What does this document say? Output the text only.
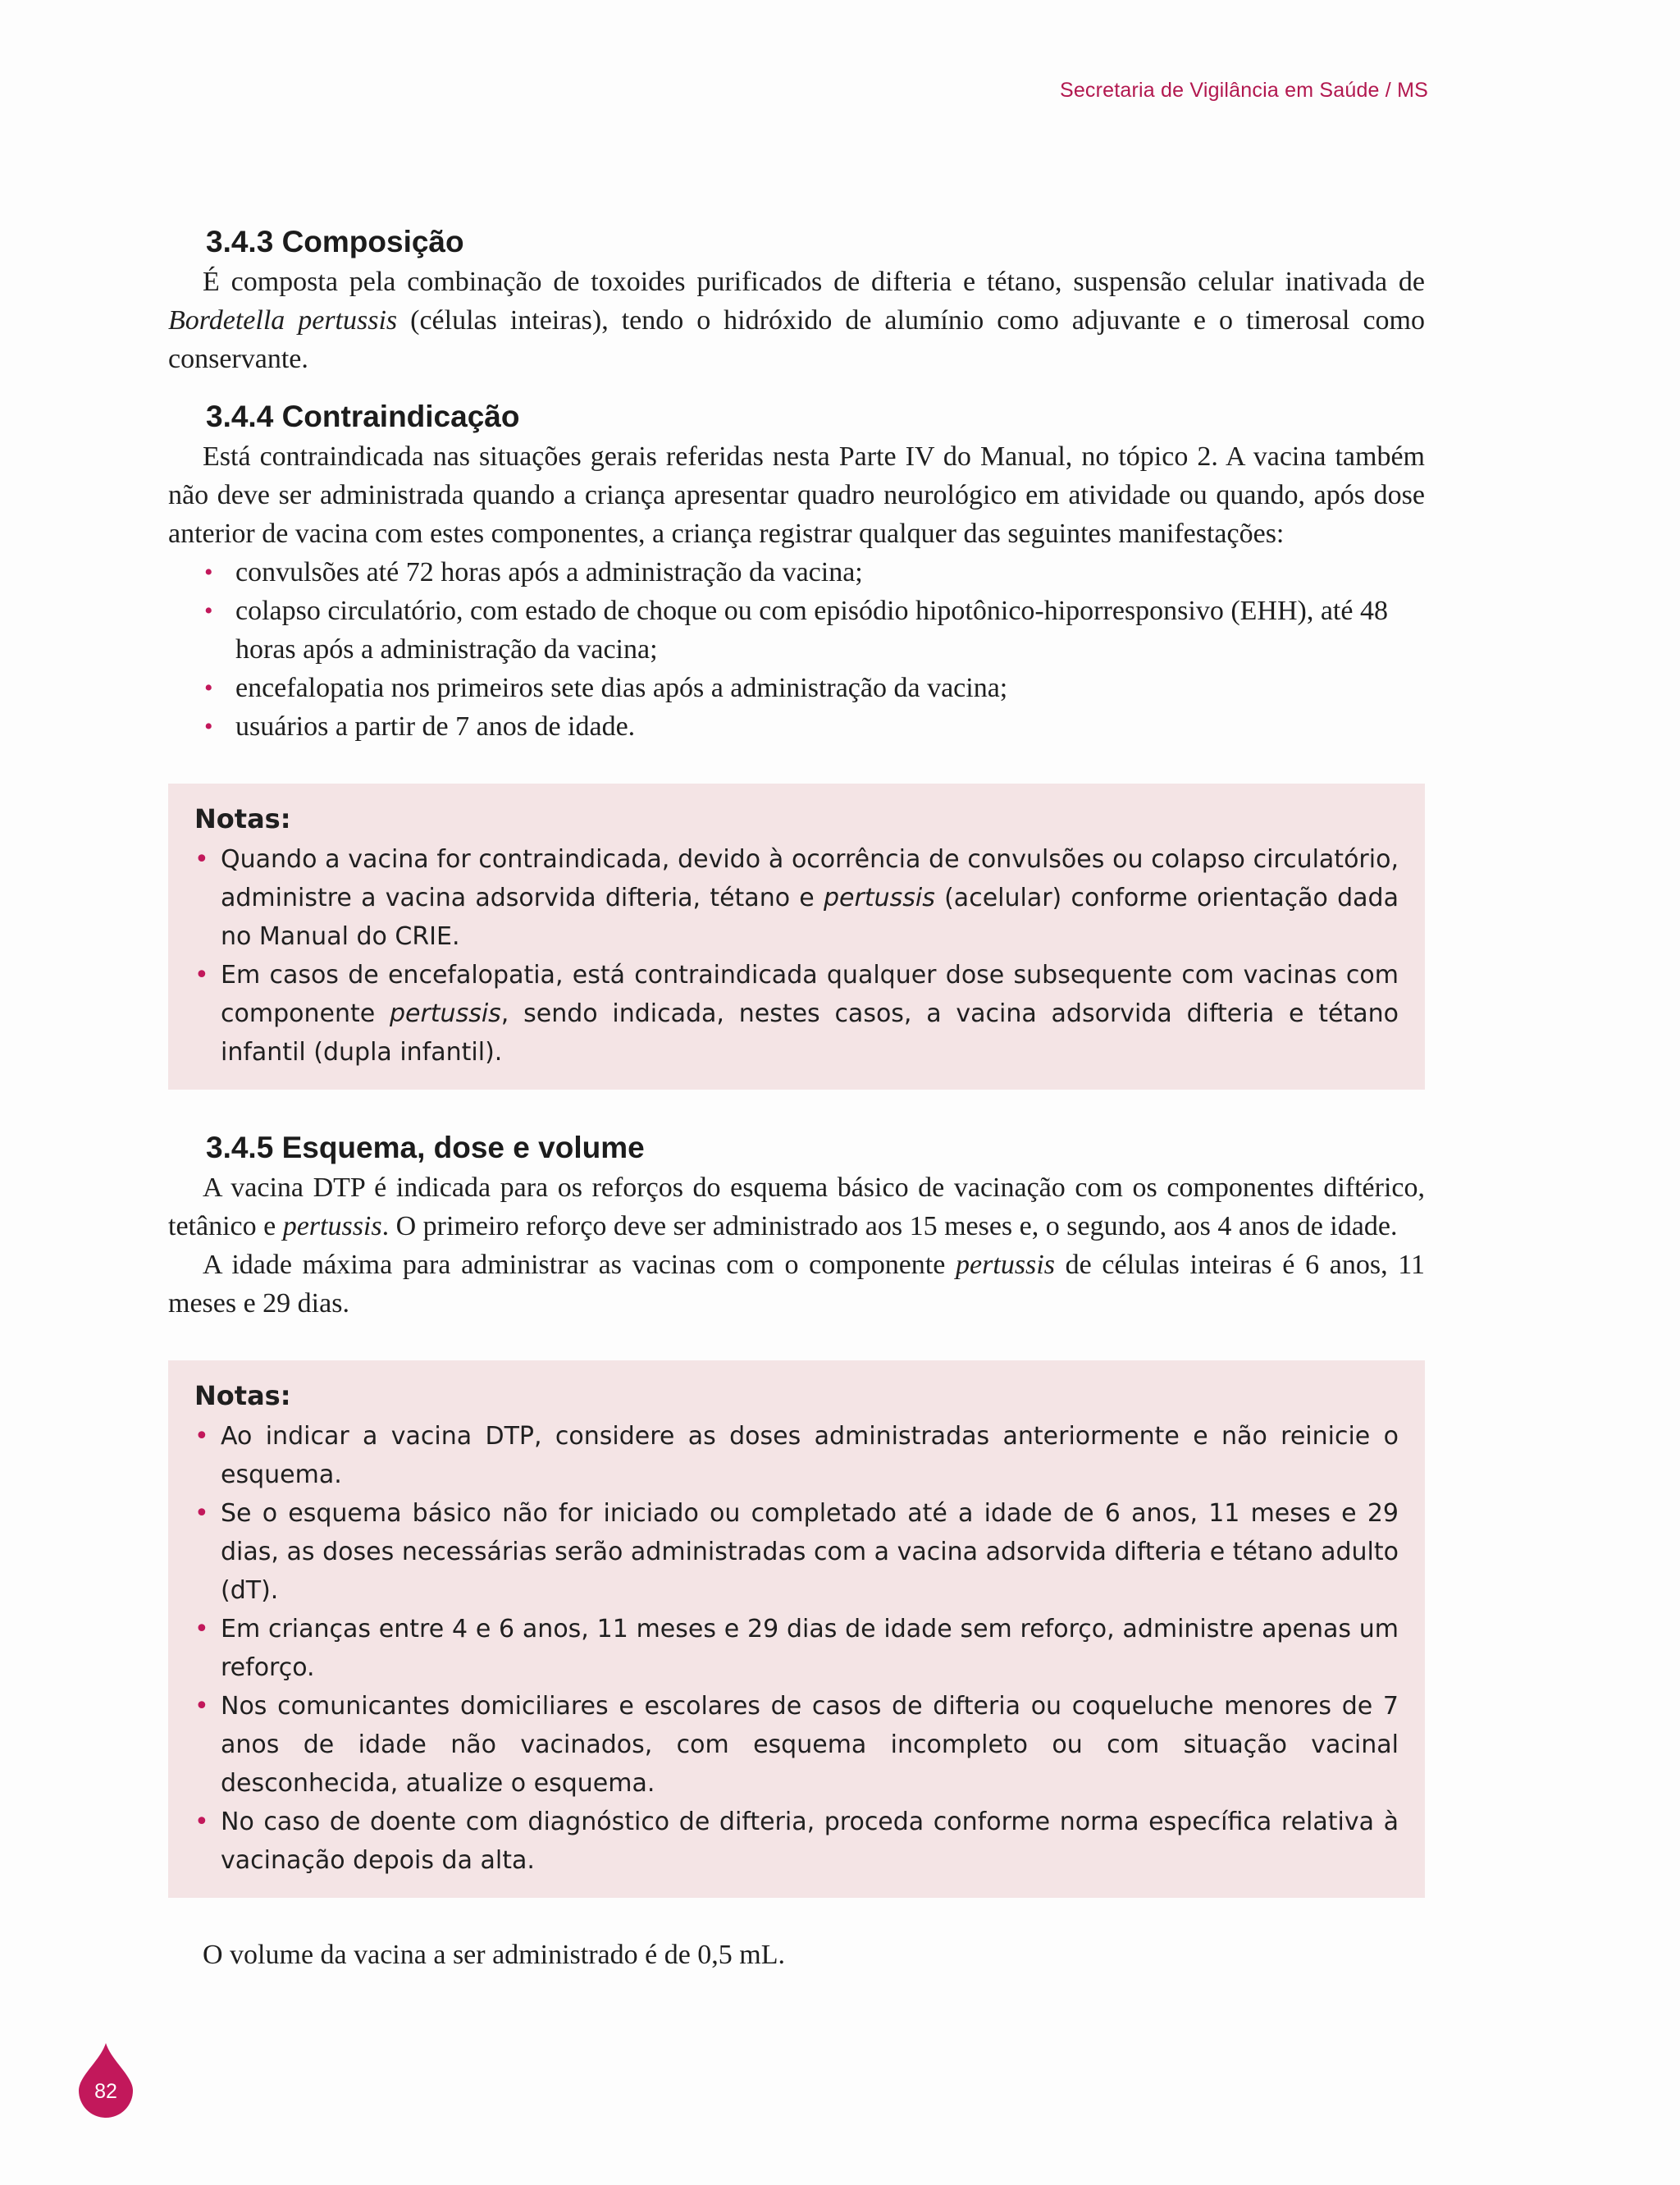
Secretaria de Vigilância em Saúde / MS
3.4.3 Composição

É composta pela combinação de toxoides purificados de difteria e tétano, suspensão celular inativada de Bordetella pertussis (células inteiras), tendo o hidróxido de alumínio como adjuvante e o timerosal como conservante.

3.4.4 Contraindicação

Está contraindicada nas situações gerais referidas nesta Parte IV do Manual, no tópico 2. A vacina também não deve ser administrada quando a criança apresentar quadro neurológico em atividade ou quando, após dose anterior de vacina com estes componentes, a criança registrar qualquer das seguintes manifestações:

• convulsões até 72 horas após a administração da vacina;
• colapso circulatório, com estado de choque ou com episódio hipotônico-hiporresponsivo (EHH), até 48 horas após a administração da vacina;
• encefalopatia nos primeiros sete dias após a administração da vacina;
• usuários a partir de 7 anos de idade.
Notas:
• Quando a vacina for contraindicada, devido à ocorrência de convulsões ou colapso circulatório, administre a vacina adsorvida difteria, tétano e pertussis (acelular) conforme orientação dada no Manual do CRIE.
• Em casos de encefalopatia, está contraindicada qualquer dose subsequente com vacinas com componente pertussis, sendo indicada, nestes casos, a vacina adsorvida difteria e tétano infantil (dupla infantil).
3.4.5 Esquema, dose e volume

A vacina DTP é indicada para os reforços do esquema básico de vacinação com os componentes diftérico, tetânico e pertussis. O primeiro reforço deve ser administrado aos 15 meses e, o segundo, aos 4 anos de idade.

A idade máxima para administrar as vacinas com o componente pertussis de células inteiras é 6 anos, 11 meses e 29 dias.

Notas:
• Ao indicar a vacina DTP, considere as doses administradas anteriormente e não reinicie o esquema.
• Se o esquema básico não for iniciado ou completado até a idade de 6 anos, 11 meses e 29 dias, as doses necessárias serão administradas com a vacina adsorvida difteria e tétano adulto (dT).
• Em crianças entre 4 e 6 anos, 11 meses e 29 dias de idade sem reforço, administre apenas um reforço.
• Nos comunicantes domiciliares e escolares de casos de difteria ou coqueluche menores de 7 anos de idade não vacinados, com esquema incompleto ou com situação vacinal desconhecida, atualize o esquema.
• No caso de doente com diagnóstico de difteria, proceda conforme norma específica relativa à vacinação depois da alta.

O volume da vacina a ser administrado é de 0,5 mL.

82
